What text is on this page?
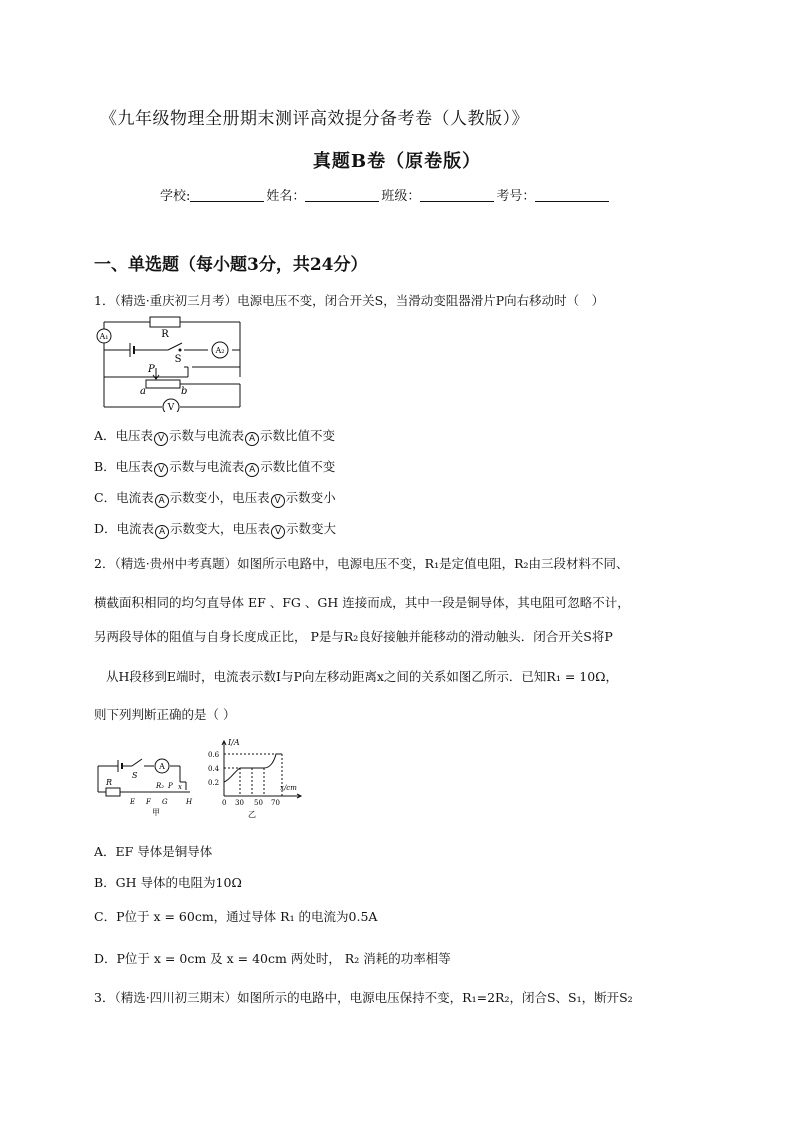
《九年级物理全册期末测评高效提分备考卷（人教版）》
真题B卷（原卷版）
学校:	姓名：	班级：	考号：
一、单选题（每小题3分，共24分）
1．（精选·重庆初三月考）电源电压不变，闭合开关S，当滑动变阻器滑片P向右移动时（　）
A₁	R
S
A₂
P
a	b
V
A．电压表 V 示数与电流表 A 示数比值不变
B．电压表 V 示数与电流表 A 示数比值不变
C．电流表 A 示数变小，电压表 V 示数变小
D．电流表 A 示数变大，电压表 V 示数变大
2．（精选·贵州中考真题）如图所示电路中，电源电压不变，R₁是定值电阻，R₂由三段材料不同、
横截面积相同的均匀直导体 EF 、FG 、GH 连接而成，其中一段是铜导体，其电阻可忽略不计，
另两段导体的阻值与自身长度成正比， P是与R₂良好接触并能移动的滑动触头．闭合开关S将P
从H段移到E端时，电流表示数I与P向左移动距离x之间的关系如图乙所示．已知R₁ = 10Ω，
则下列判断正确的是（ ）
A
S
R	R₂ P x
E F G	H
甲
I/A
x/cm
0.6
0.4
0.2
0 30 50 70
乙
A．EF 导体是铜导体
B．GH 导体的电阻为10Ω
C．P位于 x = 60cm，通过导体 R₁ 的电流为0.5A
D．P位于 x = 0cm 及 x = 40cm 两处时， R₂ 消耗的功率相等
3．（精选·四川初三期末）如图所示的电路中，电源电压保持不变，R₁=2R₂，闭合S、S₁，断开S₂
